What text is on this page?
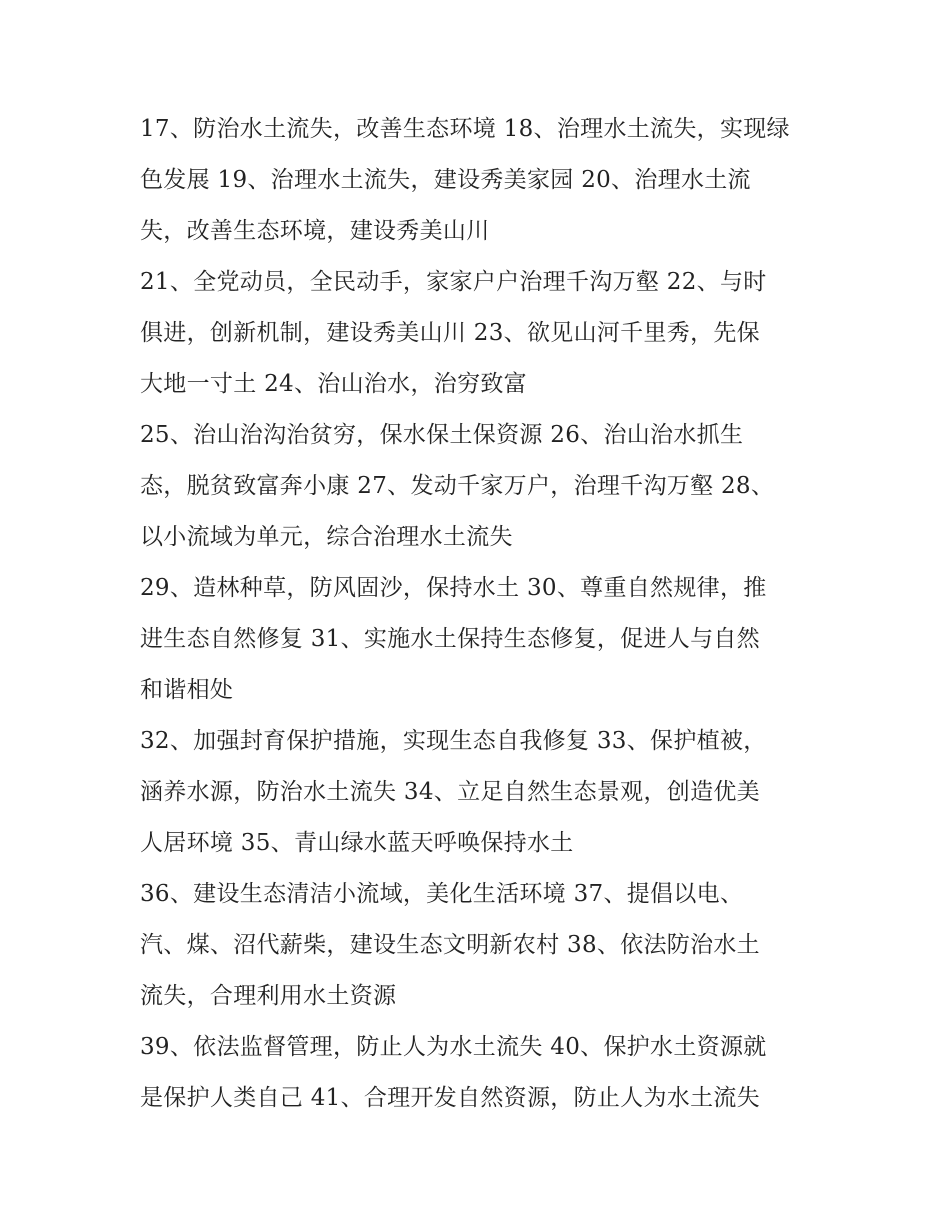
17、防治水土流失，改善生态环境 18、治理水土流失，实现绿
色发展 19、治理水土流失，建设秀美家园 20、治理水土流
失，改善生态环境，建设秀美山川

21、全党动员，全民动手，家家户户治理千沟万壑 22、与时
俱进，创新机制，建设秀美山川 23、欲见山河千里秀，先保
大地一寸土 24、治山治水，治穷致富

25、治山治沟治贫穷，保水保土保资源 26、治山治水抓生
态，脱贫致富奔小康 27、发动千家万户，治理千沟万壑 28、
以小流域为单元，综合治理水土流失

29、造林种草，防风固沙，保持水土 30、尊重自然规律，推
进生态自然修复 31、实施水土保持生态修复，促进人与自然
和谐相处

32、加强封育保护措施，实现生态自我修复 33、保护植被，
涵养水源，防治水土流失 34、立足自然生态景观，创造优美
人居环境 35、青山绿水蓝天呼唤保持水土

36、建设生态清洁小流域，美化生活环境 37、提倡以电、
汽、煤、沼代薪柴，建设生态文明新农村 38、依法防治水土
流失，合理利用水土资源

39、依法监督管理，防止人为水土流失 40、保护水土资源就
是保护人类自己 41、合理开发自然资源，防止人为水土流失
